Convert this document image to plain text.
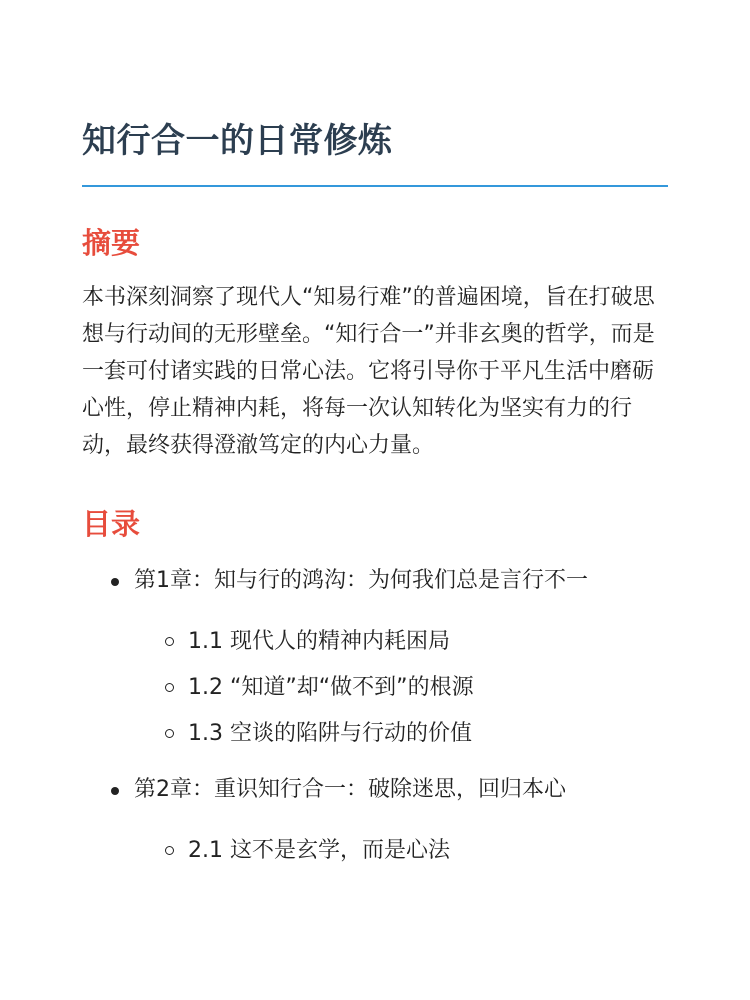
知行合一的日常修炼
摘要

本书深刻洞察了现代人“知易行难”的普遍困境，旨在打破思想与行动间的无形壁垒。“知行合一”并非玄奥的哲学，而是一套可付诸实践的日常心法。它将引导你于平凡生活中磨砺心性，停止精神内耗，将每一次认知转化为坚实有力的行动，最终获得澄澈笃定的内心力量。

目录
第1章：知与行的鸿沟：为何我们总是言行不一
1.1 现代人的精神内耗困局
1.2 “知道”却“做不到”的根源
1.3 空谈的陷阱与行动的价值
第2章：重识知行合一：破除迷思，回归本心
2.1 这不是玄学，而是心法
